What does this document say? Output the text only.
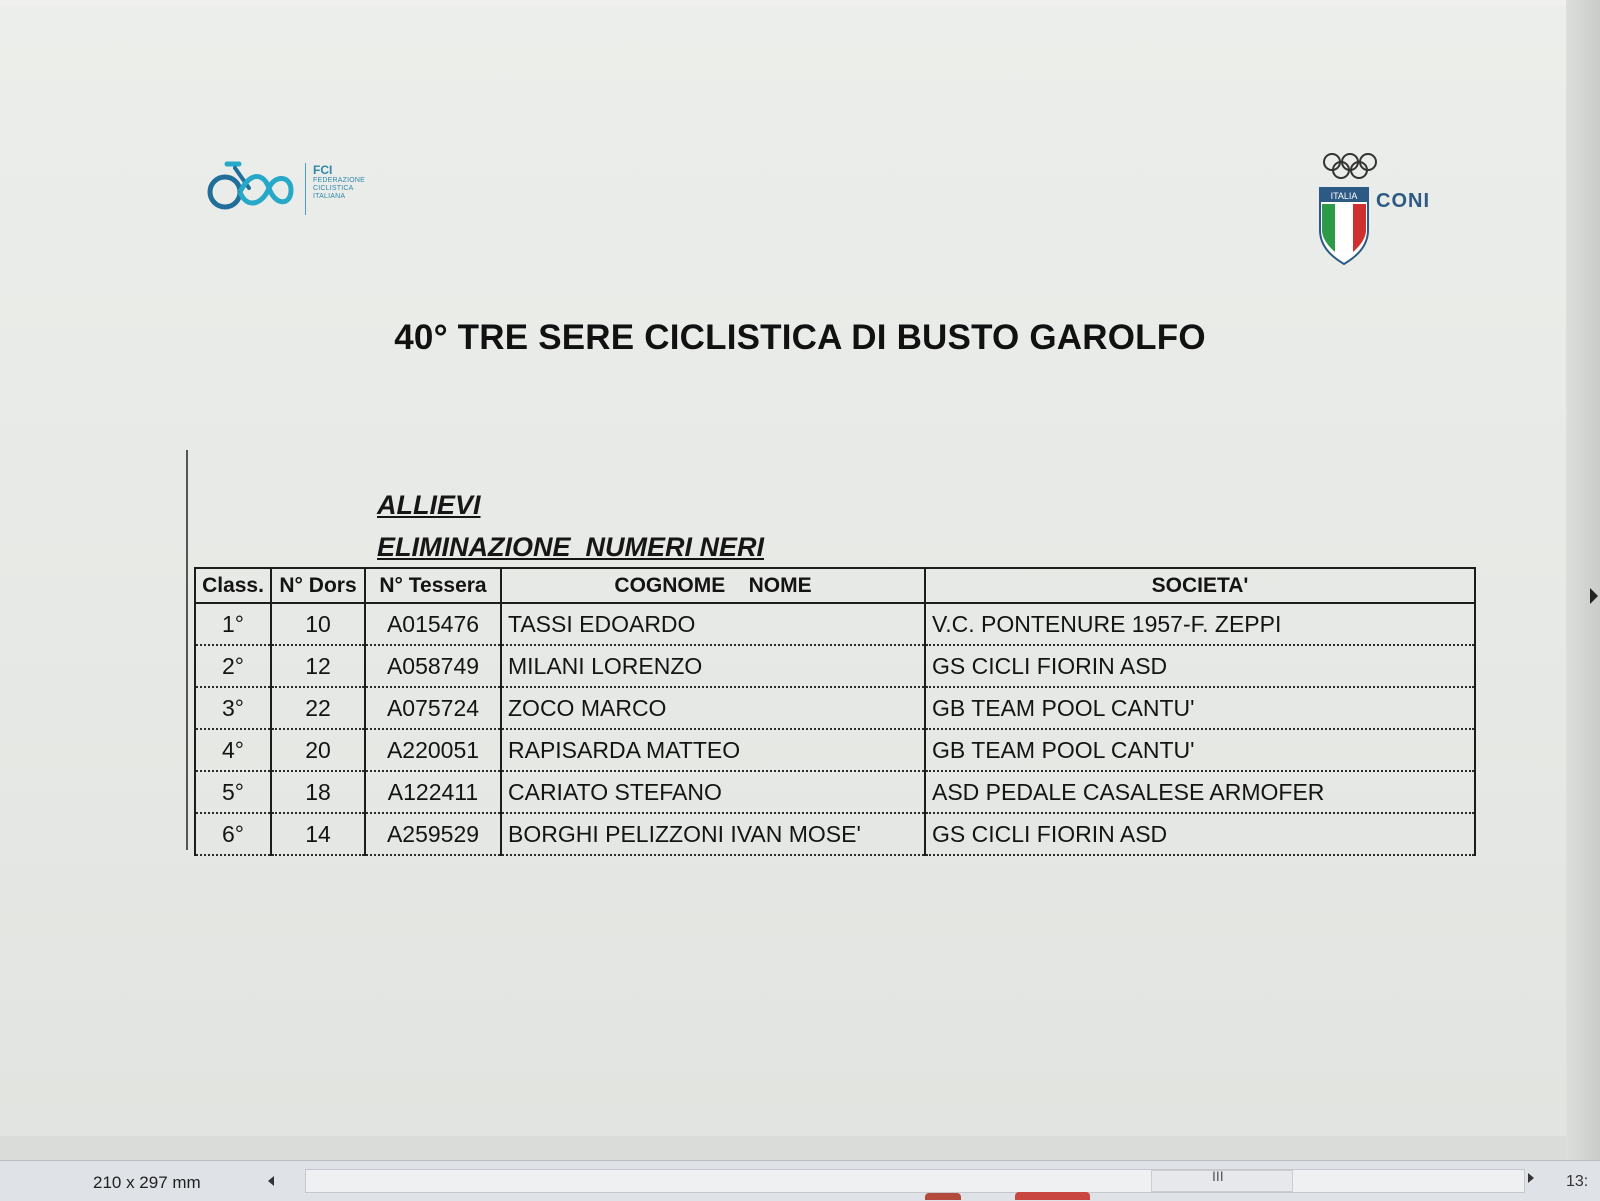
FCI
FEDERAZIONE
CICLISTICA
ITALIANA	ITALIA CONI
40° TRE SERE CICLISTICA DI BUSTO GAROLFO
ALLIEVI
ELIMINAZIONE  NUMERI NERI
Class.	N° Dors	N° Tessera	COGNOME    NOME	SOCIETA'
1°	10	A015476	TASSI EDOARDO	V.C. PONTENURE 1957-F. ZEPPI
2°	12	A058749	MILANI LORENZO	GS CICLI FIORIN ASD
3°	22	A075724	ZOCO MARCO	GB TEAM POOL CANTU'
4°	20	A220051	RAPISARDA MATTEO	GB TEAM POOL CANTU'
5°	18	A122411	CARIATO STEFANO	ASD PEDALE CASALESE ARMOFER
6°	14	A259529	BORGHI PELIZZONI IVAN MOSE'	GS CICLI FIORIN ASD
210 x 297 mm	III	13:
